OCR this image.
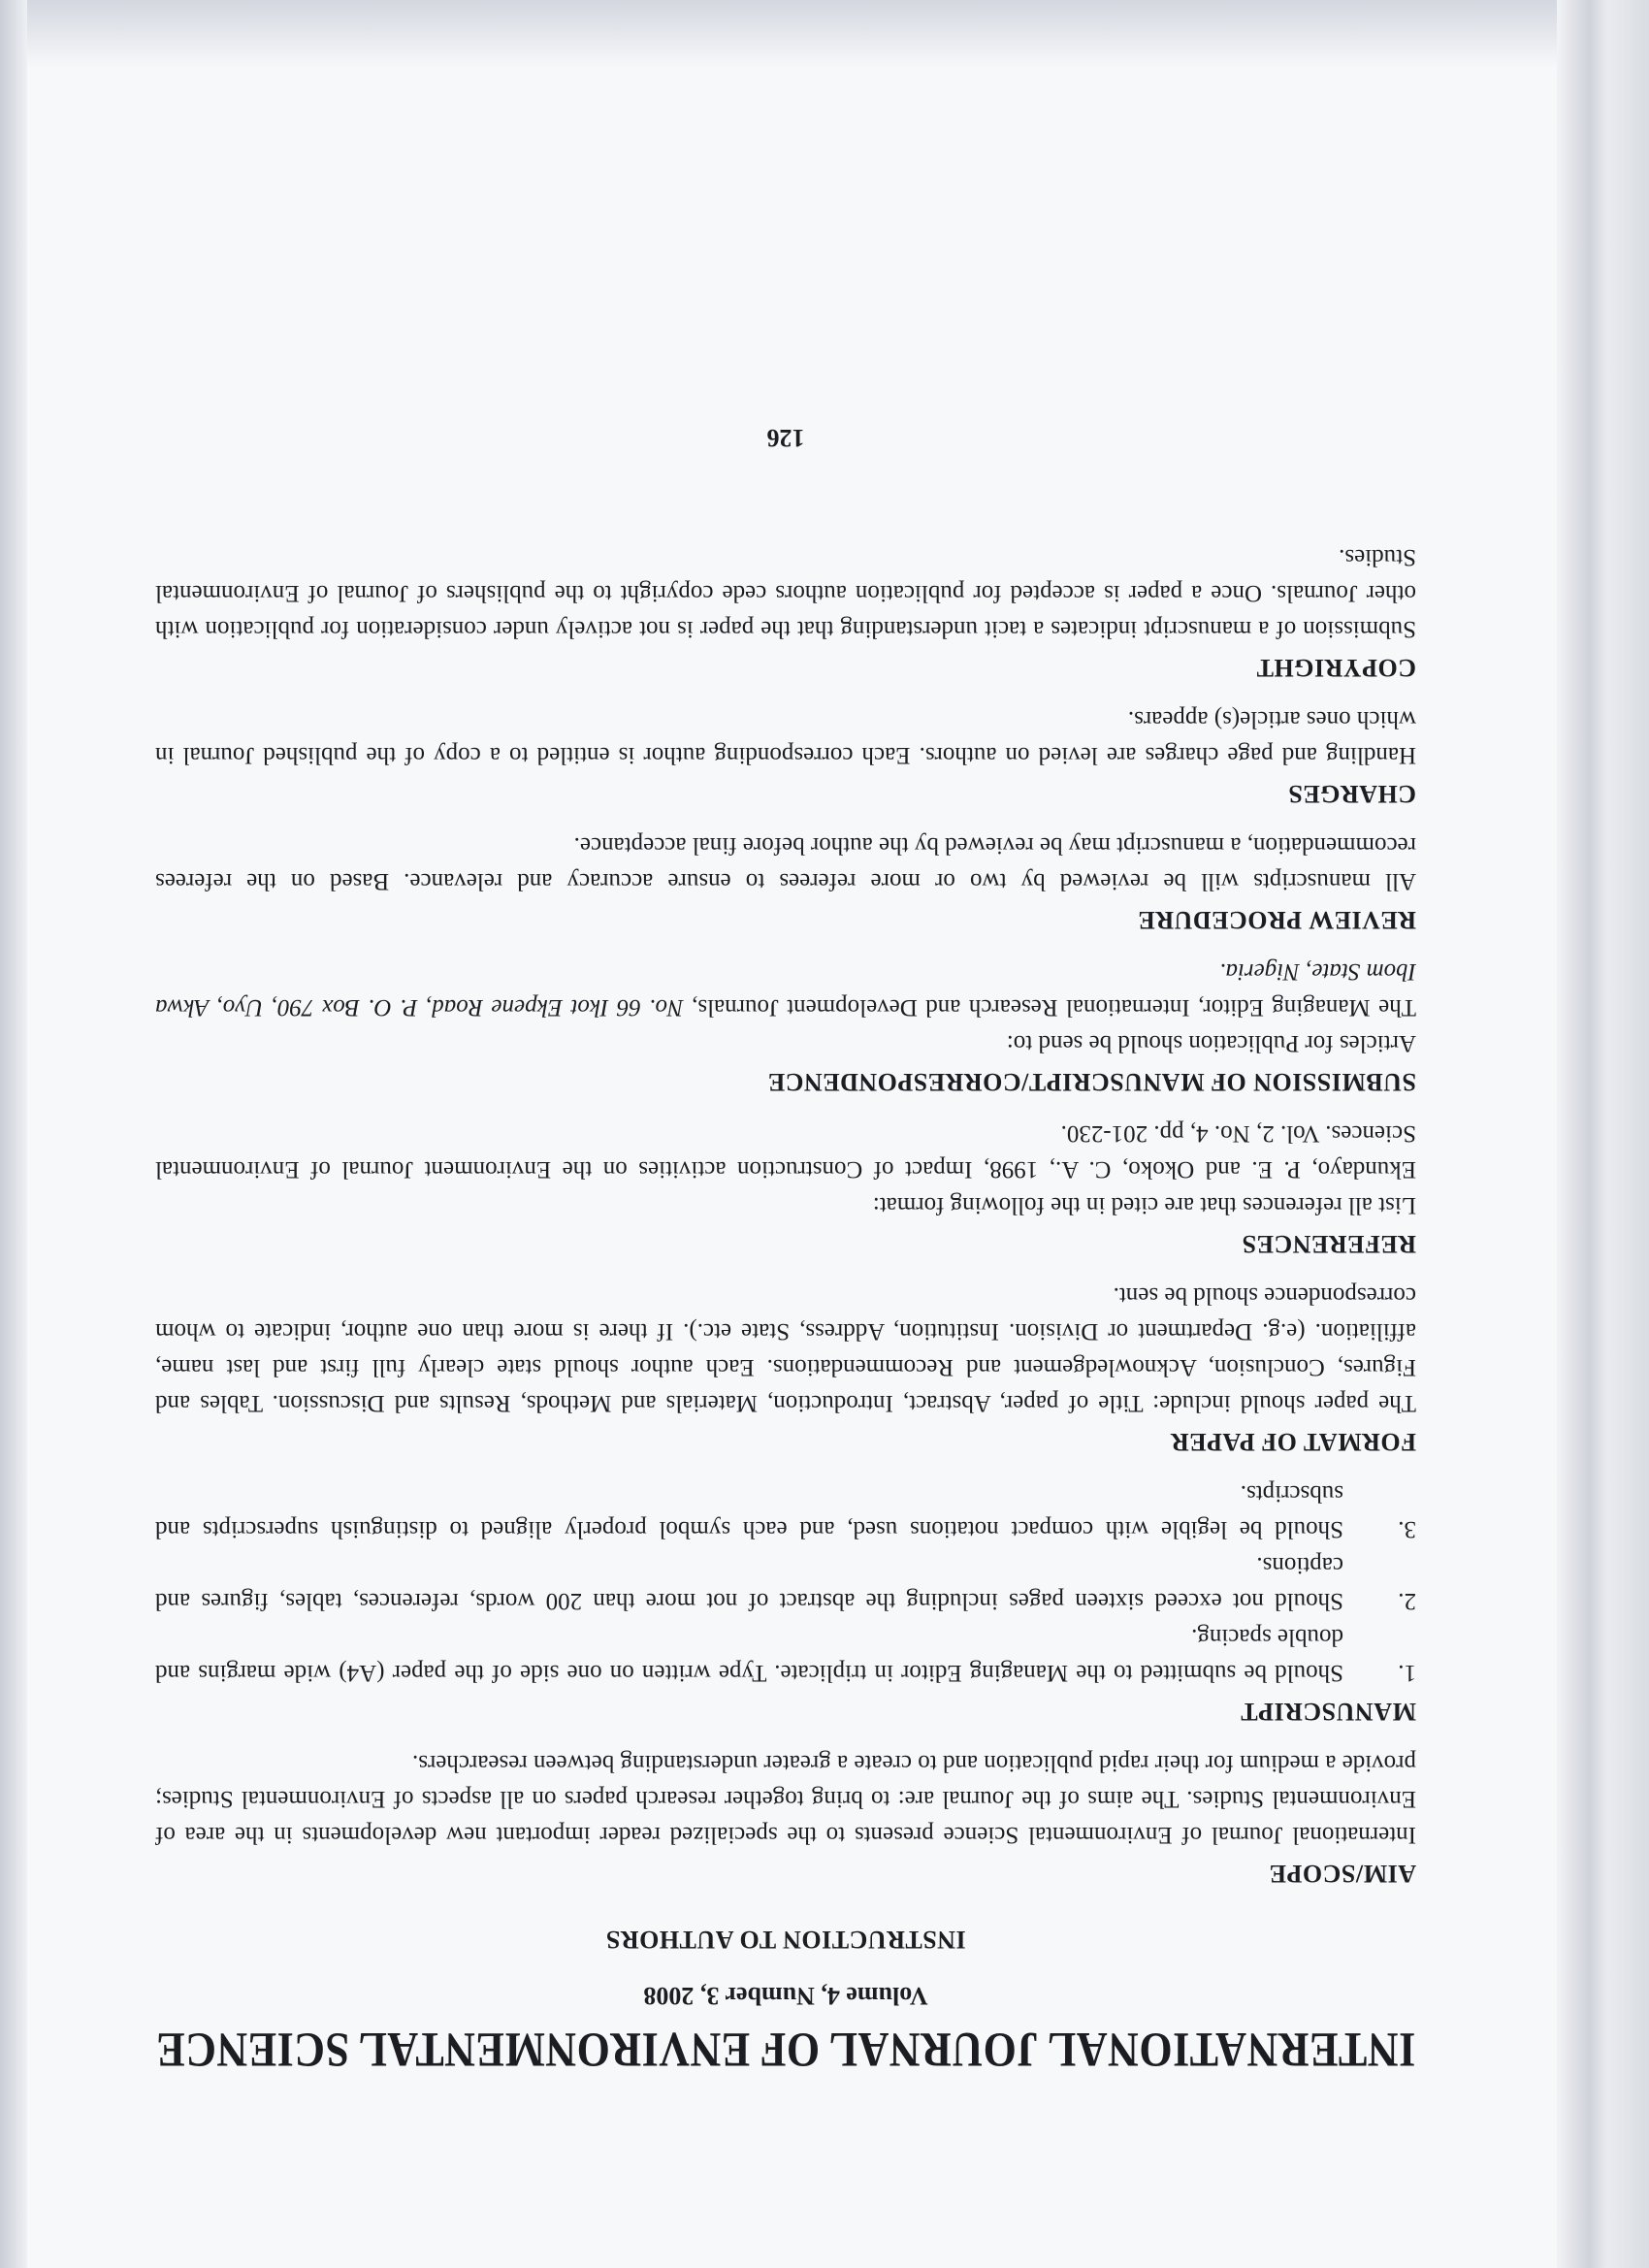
INTERNATIONAL JOURNAL OF ENVIRONMENTAL SCIENCE
Volume 4, Number 3, 2008
INSTRUCTION TO AUTHORS
AIM/SCOPE

International Journal of Environmental Science presents to the specialized reader important new developments in the area of Environmental Studies. The aims of the Journal are: to bring together research papers on all aspects of Environmental Studies; provide a medium for their rapid publication and to create a greater understanding between researchers.

MANUSCRIPT
1.
Should be submitted to the Managing Editor in triplicate. Type written on one side of the paper (A4) wide margins and double spacing.
2.
Should not exceed sixteen pages including the abstract of not more than 200 words, references, tables, figures and captions.
3.
Should be legible with compact notations used, and each symbol properly aligned to distinguish superscripts and subscripts.
FORMAT OF PAPER

The paper should include: Title of paper, Abstract, Introduction, Materials and Methods, Results and Discussion. Tables and Figures, Conclusion, Acknowledgement and Recommendations. Each author should state clearly full first and last name, affiliation. (e.g. Department or Division. Institution, Address, State etc.). If there is more than one author, indicate to whom correspondence should be sent.

REFERENCES

List all references that are cited in the following format:

Ekundayo, P. E. and Okoko, C. A., 1998, Impact of Construction activities on the Environment Journal of Environmental Sciences. Vol. 2, No. 4, pp. 201-230.

SUBMISSION OF MANUSCRIPT/CORRESPONDENCE

Articles for Publication should be send to:

The Managing Editor, International Research and Development Journals, No. 66 Ikot Ekpene Road, P. O. Box 790, Uyo, Akwa Ibom State, Nigeria.

REVIEW PROCEDURE

All manuscripts will be reviewed by two or more referees to ensure accuracy and relevance. Based on the referees recommendation, a manuscript may be reviewed by the author before final acceptance.

CHARGES

Handling and page charges are levied on authors. Each corresponding author is entitled to a copy of the published Journal in which ones article(s) appears.

COPYRIGHT

Submission of a manuscript indicates a tacit understanding that the paper is not actively under consideration for publication with other Journals. Once a paper is accepted for publication authors cede copyright to the publishers of Journal of Environmental Studies.

126
